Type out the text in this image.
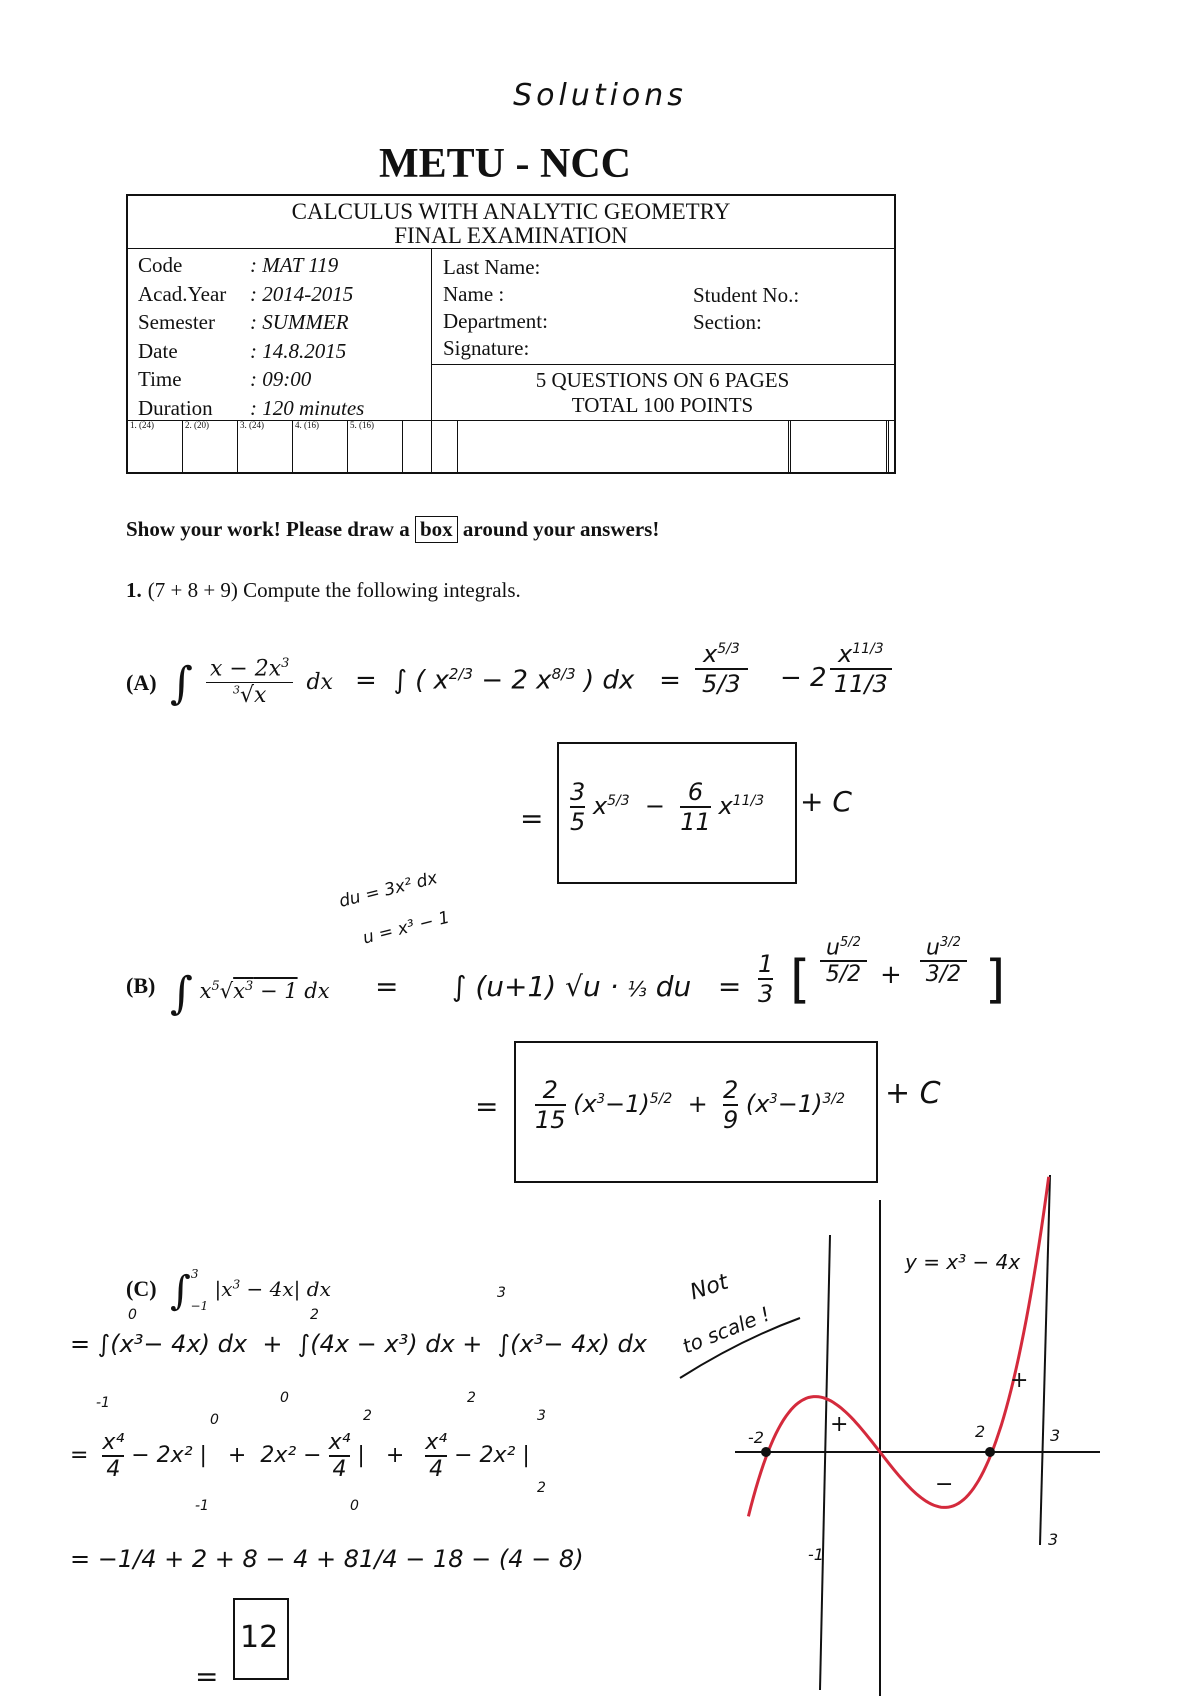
Solutions
METU - NCC
CALCULUS WITH ANALYTIC GEOMETRY
FINAL EXAMINATION
Code	: MAT 119
Acad.Year : 2014-2015
Semester : SUMMER
Date	: 14.8.2015
Time	: 09:00
Duration : 120 minutes
Last Name:
Name :
Department:
Signature:
Student No.:
Section:
5 QUESTIONS ON 6 PAGES
TOTAL 100 POINTS
1. (24)	2. (20)	3. (24)	4. (16)	5. (16)
Show your work! Please draw a box around your answers!
1. (7 + 8 + 9) Compute the following integrals.
(A) ∫ $\frac{x - 2x^3}{^3√x}$ dx =  ∫ ( $x^{2/3} - 2$ $x^{8/3}$ ) dx   =
$x^{5/3}$
5/3 − 2
$x^{11/3}$
11/3
= $\frac{3}{5} x^{5/3} - \frac{6}{11} x^{11/3} + C$
du = 3x² dx
u = x³ − 1
(B) ∫ $x^5√x^3 - 1$ dx =      ∫ (u+1) √u · ⅓ du   =
1
3 [
$u^{5/2}$
5/2 +
$u^{3/2}$
3/2 ]
= $\frac{2}{15} (x^3-1)^{5/2} + \frac{2}{9} (x^3-1)^{3/2} + C$
(C) ∫$^3_{-1}$ $|x^3 - 4x|$ dx
= ∫(x³− 4x) dx  +  ∫(4x − x³) dx +  ∫(x³− 4x) dx
0
-1
2
0
3
2
= $\frac{\text{x⁴}}{4} - 2x^2$ |   +  $2x^2 - \frac{\text{x⁴}}{4}$ |   + $\frac{\text{x⁴}}{4} - 2x^2$ |
0
-1
2
0
3
2
= −1/4 + 2 + 8 − 4 + 81/4 − 18 − (4 − 8)
=
12
Not
to scale !
y = x³ − 4x
-2
-1
2	3
3
+
+
−
